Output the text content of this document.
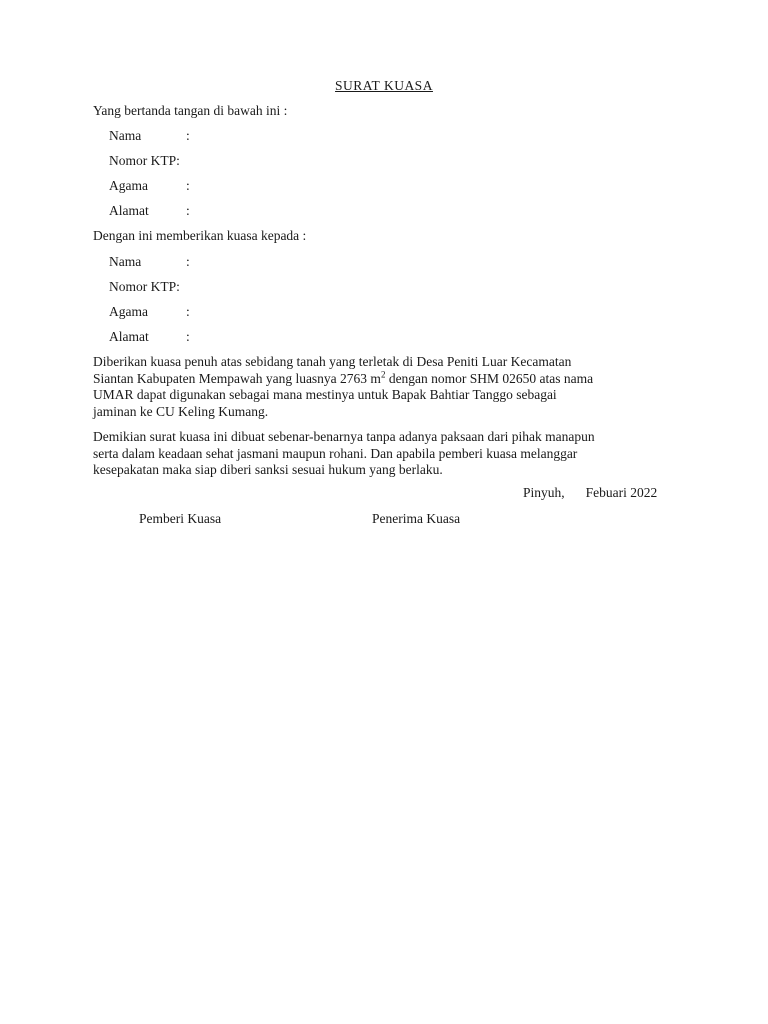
SURAT KUASA
Yang bertanda tangan di bawah ini :
Nama	:
Nomor KTP:
Agama	:
Alamat	:
Dengan ini memberikan kuasa kepada :
Nama	:
Nomor KTP:
Agama	:
Alamat	:

Diberikan kuasa penuh atas sebidang tanah yang terletak di Desa Peniti Luar Kecamatan

Siantan Kabupaten Mempawah yang luasnya 2763 $m^2$ dengan nomor SHM 02650 atas nama

UMAR dapat digunakan sebagai mana mestinya untuk Bapak Bahtiar Tanggo sebagai

jaminan ke CU Keling Kumang.

Demikian surat kuasa ini dibuat sebenar-benarnya tanpa adanya paksaan dari pihak manapun

serta dalam keadaan sehat jasmani maupun rohani. Dan apabila pemberi kuasa melanggar

kesepakatan maka siap diberi sanksi sesuai hukum yang berlaku.

Pinyuh, Febuari 2022
Pemberi Kuasa	Penerima Kuasa
